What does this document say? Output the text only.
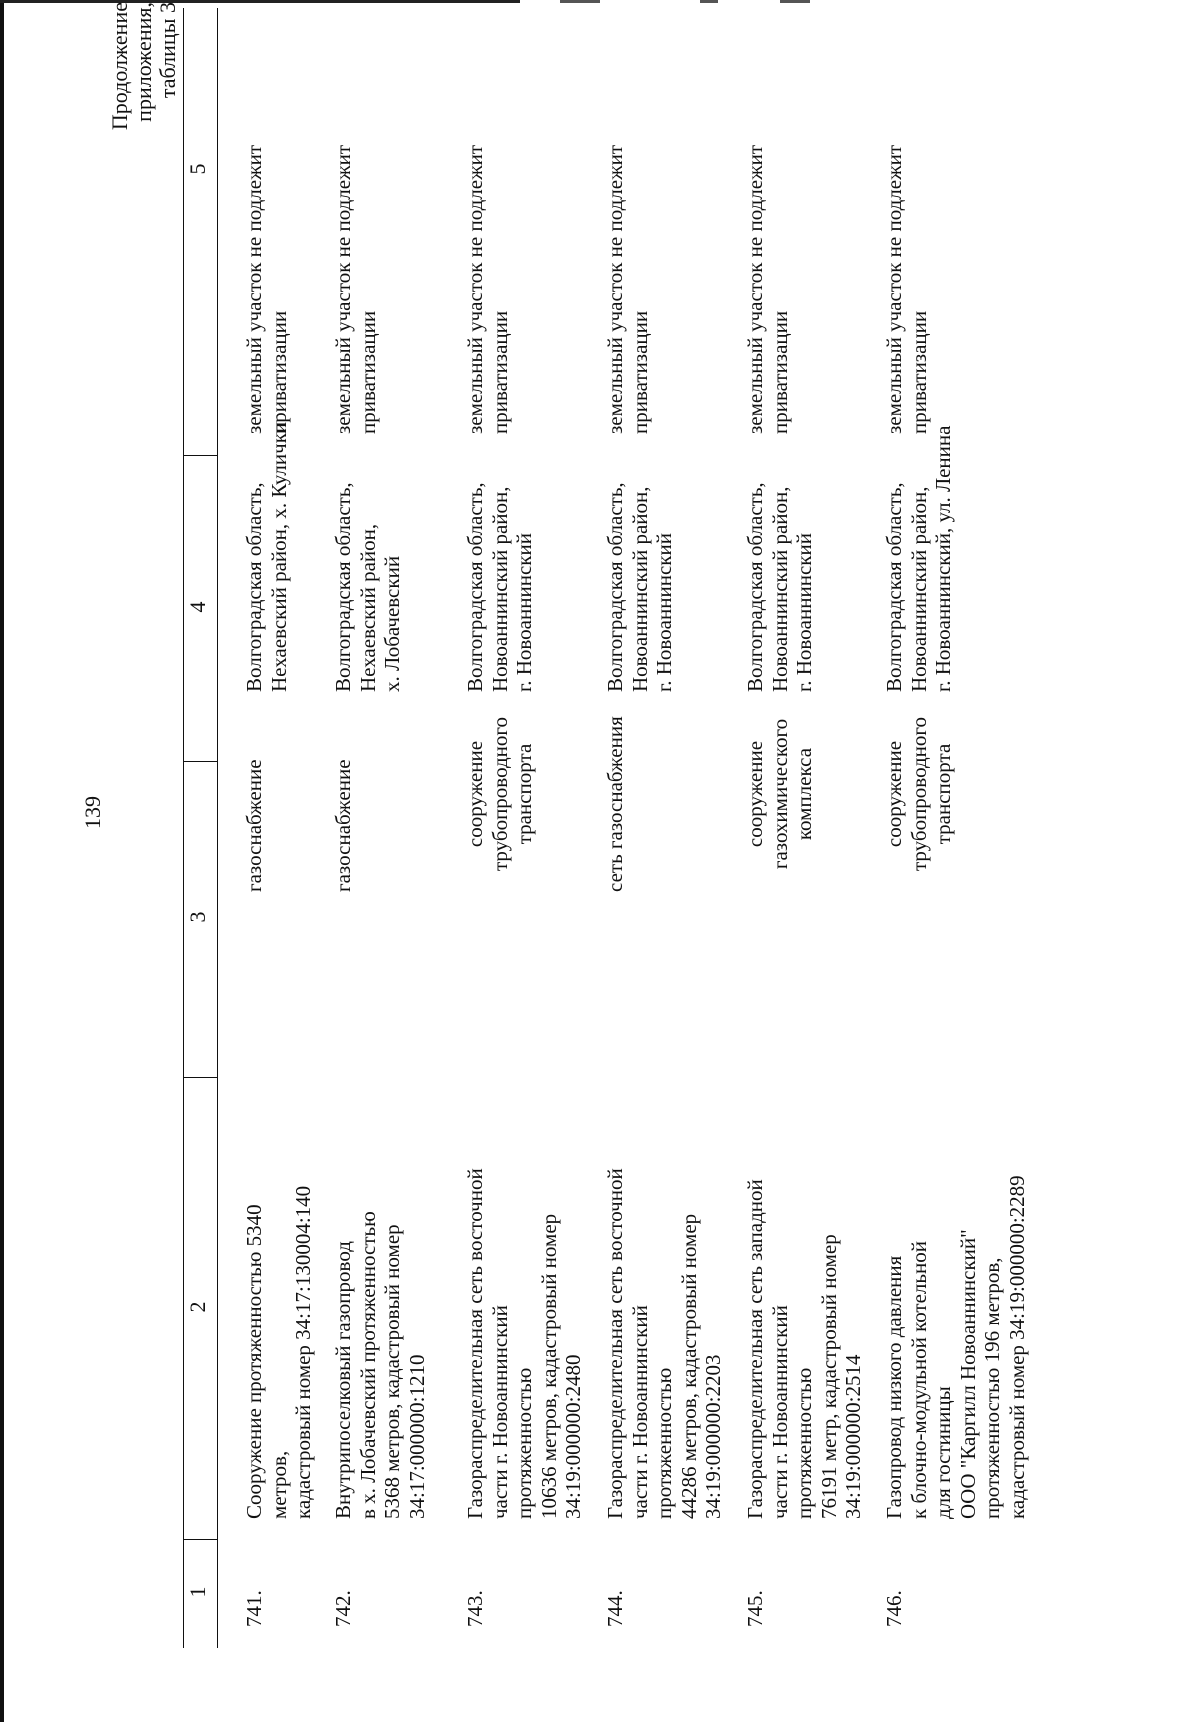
139
Продолжение приложения, таблицы 3
1
2
3
4
5
741.
Сооружение протяженностью 5340 метров, кадастровый номер 34:17:130004:140
газоснабжение
Волгоградская область, Нехаевский район, х. Кулички
земельный участок не подлежит приватизации
742.
Внутрипоселковый газопровод в х. Лобачевский протяженностью 5368 метров, кадастровый номер 34:17:000000:1210
газоснабжение
Волгоградская область, Нехаевский район, х. Лобачевский
земельный участок не подлежит приватизации
743.
Газораспределительная сеть восточной части г. Новоаннинский протяженностью 10636 метров, кадастровый номер 34:19:000000:2480
сооружение трубопроводного транспорта
Волгоградская область, Новоаннинский район, г. Новоаннинский
земельный участок не подлежит приватизации
744.
Газораспределительная сеть восточной части г. Новоаннинский протяженностью 44286 метров, кадастровый номер 34:19:000000:2203
сеть газоснабжения
Волгоградская область, Новоаннинский район, г. Новоаннинский
земельный участок не подлежит приватизации
745.
Газораспределительная сеть западной части г. Новоаннинский протяженностью 76191 метр, кадастровый номер 34:19:000000:2514
сооружение газохимического комплекса
Волгоградская область, Новоаннинский район, г. Новоаннинский
земельный участок не подлежит приватизации
746.
Газопровод низкого давления к блочно-модульной котельной для гостиницы ООО "Каргилл Новоаннинский" протяженностью 196 метров, кадастровый номер 34:19:000000:2289
сооружение трубопроводного транспорта
Волгоградская область, Новоаннинский район, г. Новоаннинский, ул. Ленина
земельный участок не подлежит приватизации
